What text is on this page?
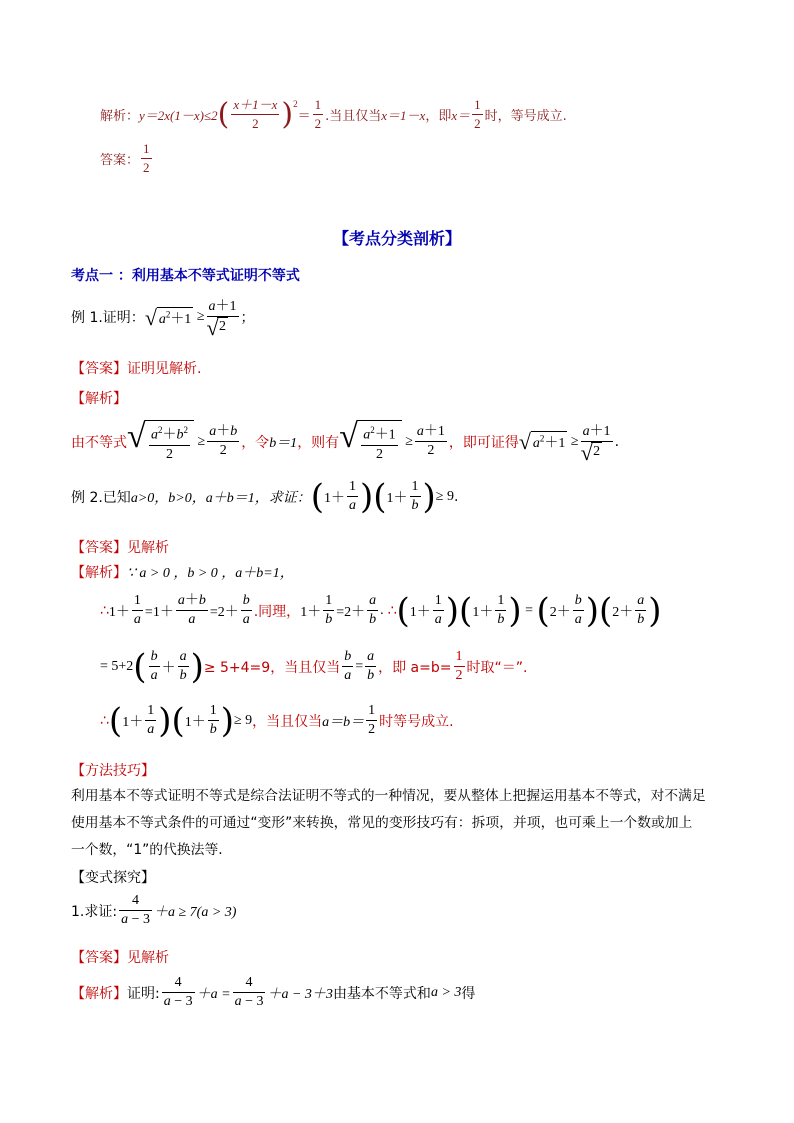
解析： y＝2x(1－x)≤2 ( $\frac{x+1-x}{2} )^2$
＝ $\frac{1}{2}$ .当且仅当 x＝1－x ，即 $x= \frac{1}{2}$ 时，等号成立.
答案： $\frac{1}{2}$
【考点分类剖析】
考点一 ：利用基本不等式证明不等式
例 1.证明： √ $a^2+1 \ge \frac{a+1}{√ 2}$ ；
【答案】证明见解析.
【解析】
由不等式 √ $\frac{a^2+b^2}{2} \ge \frac{a+b}{2}$ ，令 b＝1 ，则有 √ $\frac{a^2+1}{2} \ge \frac{a+1}{2}$ ，即可证得 √ $a^2+1 \ge \frac{a+1}{√ 2}$ .
例 2.已知 a>0，b>0，a＋b＝1，求证： ( $1+ \frac{1}{a}$ ) ( $1+ \frac{1}{b}$ ) ≥ 9 .
【答案】见解析
【解析】∵ a > 0 ，b > 0 ，a＋b=1，
∴ $1+ \frac{1}{a} =1+ \frac{a+b}{a} =2+ \frac{b}{a}$ .同理， $1+ \frac{1}{b} =2+ \frac{a}{b}$ . ∴ ( $1+ \frac{1}{a}$ ) ( $1+ \frac{1}{b}$ ) = ( $2+ \frac{b}{a}$ ) ( $2+ \frac{a}{b}$ )
= 5+2 ( $\frac{b}{a} + \frac{a}{b}$ ) ≥ 5+4=9，当且仅当 $\frac{b}{a} = \frac{a}{b}$ ，即 $a=b= \frac{1}{2}$ 时取“＝”.
∴ ( $1+ \frac{1}{a}$ ) ( $1+ \frac{1}{b}$ ) ≥ 9 ，当且仅当 $a=b= \frac{1}{2}$ 时等号成立.
【方法技巧】
利用基本不等式证明不等式是综合法证明不等式的一种情况，要从整体上把握运用基本不等式，对不满足
使用基本不等式条件的可通过“变形”来转换，常见的变形技巧有：拆项，并项，也可乘上一个数或加上
一个数，“1”的代换法等.
【变式探究】
1.求证: $\frac{4}{a - 3} +a \ge 7(a > 3)$
【答案】见解析
【解析】 证明: $\frac{4}{a - 3} +a = \frac{4}{a - 3} +a - 3+3$ 由基本不等式和 a > 3 得
